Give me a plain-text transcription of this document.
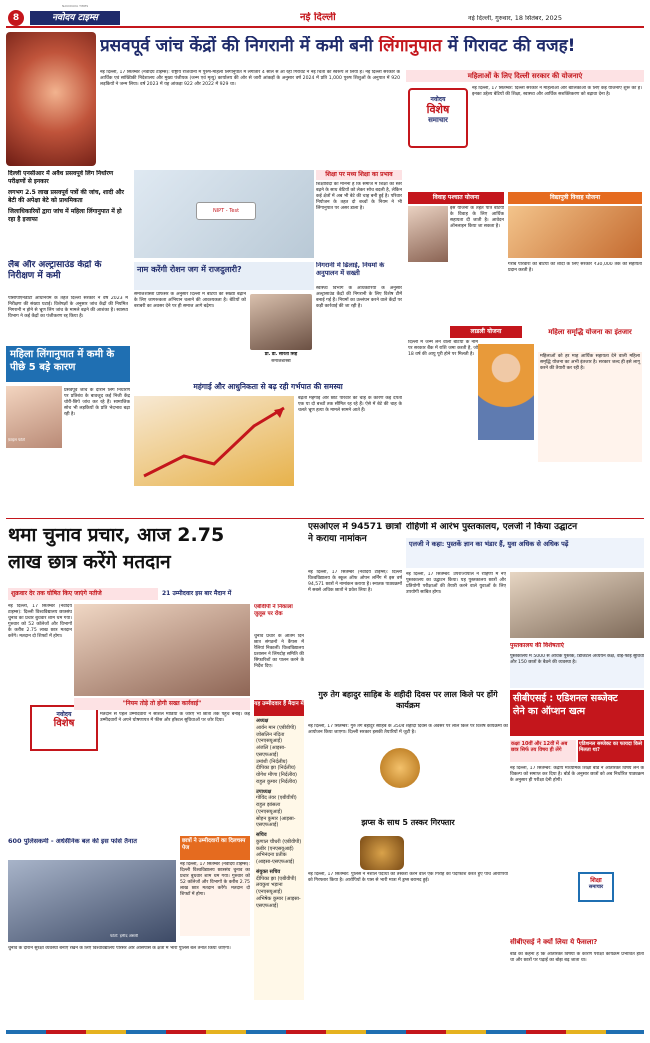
8	नवोदय टाइम्स
NAVODAYA TIMES
नई दिल्ली	नई दिल्ली, गुरुवार, 18 सितंबर, 2025
प्रसवपूर्व जांच केंद्रों की निगरानी में कमी बनी लिंगानुपात में गिरावट की वजह!
नई दिल्ली, 17 सितम्बर (नवोदय टाइम्स): राष्ट्रीय राजधानी में पुरुष-महिला लिंगानुपात में लगातार 4 साल से आ रही गिरावट ने नई चिंता का स्वरूप ले लिया है। नई दिल्ली सरकार के आर्थिक एवं सांख्यिकी निदेशालय और मुख्य पंजीयक (जन्म एवं मृत्यु) कार्यालय की ओर से जारी आंकड़ों के अनुसार वर्ष 2024 में प्रति 1,000 पुरुष शिशुओं के अनुपात में 920 लड़कियों ने जन्म लिया। वर्ष 2023 में यह आंकड़ा 922 और 2022 में 929 था।
दिल्ली एनसीआर में अवैध प्रसवपूर्व लिंग निर्धारण परीक्षणों से इनकार
लगभग 2.5 लाख प्रसवपूर्व पत्रों की जांच, शादी और बेटी की अपेक्षा बेटे को प्राथमिकता
जिलाधिकारियों द्वारा जांच में महिला लिंगानुपात में हो रहा है इजाफा
NIPT - Test
शिक्षा पर मध्य शिक्षा का प्रभाव
शिक्षाविदों का मानना है कि समाज में शिक्षा का स्तर बढ़ने के साथ बेटियों को लेकर सोच बदली है, लेकिन कई क्षेत्रों में अब भी बेटे की चाह बनी हुई है। परिवार नियोजन के तहत दो बच्चों के नियम ने भी लिंगानुपात पर असर डाला है।
लैब और अल्ट्रासाउंड केंद्रों के निरीक्षण में कमी
पीसीपीएनडीटी अधिनियम के तहत दिल्ली सरकार ने वर्ष 2023 में निरीक्षण की संख्या घटाई। विशेषज्ञों के अनुसार जांच केंद्रों की नियमित निगरानी न होने से भ्रूण लिंग जांच के मामले बढ़ने की आशंका है। स्वास्थ्य विभाग ने कई केंद्रों का पंजीकरण रद्द किया है।
महिला लिंगानुपात में कमी के पीछे 5 बड़े कारण
फ़ाइल फोटो
प्रसवपूर्व जांच के दौरान लिंग निर्धारण पर प्रतिबंध के बावजूद कई निजी केंद्र चोरी-छिपे जांच कर रहे हैं। सामाजिक सोच भी लड़कियों के प्रति भेदभाव बढ़ा रही है।
नाम करेंगी रोशन जग में राजदुलारी?
समाजशास्त्री प्रोफेसर के अनुसार दिल्ली में बेटियों की संख्या बढ़ाने के लिए जागरूकता अभियान चलाने की आवश्यकता है। बेटियों को बराबरी का अवसर देने पर ही समाज आगे बढ़ेगा।
प्रो. डॉ. सरिता सिंह
समाजशास्त्री
निगरानी में ढिलाई, नियमों के अनुपालन में सख्ती
स्वास्थ्य विभाग के अधिकारियों के अनुसार अल्ट्रासाउंड केंद्रों की निगरानी के लिए विशेष टीमें बनाई गई हैं। नियमों का उल्लंघन करने वाले केंद्रों पर कड़ी कार्रवाई की जा रही है।
महंगाई और आधुनिकता से बढ़ रही गर्भपात की समस्या
बढ़ती महंगाई और छोटे परिवार की चाह के कारण कई दंपती एक या दो बच्चों तक सीमित रह रहे हैं। ऐसे में बेटे की चाह के चलते भ्रूण हत्या के मामले सामने आते हैं।
महिलाओं के लिए दिल्ली सरकार की योजनाएं
नवोदय
विशेष
समाचार
नई दिल्ली, 17 सितम्बर: दिल्ली सरकार ने महिलाओं और बालिकाओं के लिए कई योजनाएं शुरू की हैं। इनका उद्देश्य बेटियों की शिक्षा, स्वास्थ्य और आर्थिक सशक्तिकरण को बढ़ावा देना है।
विवाह पश्चात योजना
इस योजना के तहत पात्र बेटियों के विवाह के लिए आर्थिक सहायता दी जाती है। आवेदन ऑनलाइन किया जा सकता है।
विद्यापुत्री विवाह योजना
गरीब परिवारों की बेटियों की शादी के लिए सरकार ₹30,000 तक की सहायता प्रदान करती है।
लाडली योजना
दिल्ली में जन्म लेने वाली बेटियों के नाम पर सरकार बैंक में राशि जमा करती है, जो 18 वर्ष की आयु पूरी होने पर मिलती है।
महिला समृद्धि योजना का इंतजार
महिलाओं को हर माह आर्थिक सहायता देने वाली महिला समृद्धि योजना का अभी इंतजार है। सरकार जल्द ही इसे लागू करने की तैयारी कर रही है।
थमा चुनाव प्रचार, आज 2.75
लाख छात्र करेंगे मतदान
शुक्रवार देर तक घोषित किए जाएंगे नतीजे	21 उम्मीदवार इस बार मैदान में
नई दिल्ली, 17 सितम्बर (नवोदय टाइम्स): दिल्ली विश्वविद्यालय छात्रसंघ चुनाव का प्रचार बुधवार शाम थम गया। गुरुवार को 52 कॉलेजों और विभागों के करीब 2.75 लाख छात्र मतदान करेंगे। मतदान दो शिफ्टों में होगा।
नवोदय
विशेष
"नियम तोड़े तो होगी सख्त कार्रवाई"
मतदान से पहले उम्मीदवारों ने सोशल मीडिया के जरिए भी छात्रों तक पहुंच बनाई। कई उम्मीदवारों ने अपने घोषणापत्र में फीस और हॉस्टल सुविधाओं पर जोर दिया।
एबीवीपी ने निकाला जुलूस पर रोक
चुनाव प्रचार के अंतिम दिन छात्र संगठनों ने कैंपस में रैलियां निकालीं। विश्वविद्यालय प्रशासन ने लिंगदोह समिति की सिफारिशों का पालन करने के निर्देश दिए।
यह उम्मीदवार हैं मैदान में
अध्यक्ष
आर्यन मान (एबीवीपी)
जोसलिन नंदिता (एनएसयूआई)
अंजलि (आइसा-एसएफआई)
उमांशी (निर्दलीय)
दीपिका झा (निर्दलीय)
योगेश मीणा (निर्दलीय)
राहुल कुमार (निर्दलीय)
उपाध्यक्ष
गोविंद तंवर (एबीवीपी)
राहुल झांसला (एनएसयूआई)
सोहन कुमार (आइसा-एसएफआई)
सचिव
कुणाल चौधरी (एबीवीपी)
कबीर (एनएसयूआई)
अभिनंदना प्रतीक (आइसा-एसएफआई)
संयुक्त सचिव
दीपिका झा (एबीवीपी)
लवकुश भड़ाना (एनएसयूआई)
अभिषेक कुमार (आइसा-एसएफआई)
छात्रों ने उम्मीदवारों का दिलचस्प पेज
नई दिल्ली, 17 सितम्बर (नवोदय टाइम्स): दिल्ली विश्वविद्यालय छात्रसंघ चुनाव का प्रचार बुधवार शाम थम गया। गुरुवार को 52 कॉलेजों और विभागों के करीब 2.75 लाख छात्र मतदान करेंगे। मतदान दो शिफ्टों में होगा।
600 पुलिसकर्मी - अर्धसैनिक बल की इस फोर्स तैनात
फोटो: हमीद अंसारी
चुनाव के दौरान सुरक्षा व्यवस्था बनाए रखने के लिए विश्वविद्यालय परिसर और आसपास के क्षेत्रों में भारी पुलिस बल तैनात किया जाएगा।
एसओएल में 94571 छात्रों ने कराया नामांकन
नई दिल्ली, 17 सितम्बर (नवोदय टाइम्स): दिल्ली विश्वविद्यालय के स्कूल ऑफ ओपन लर्निंग में इस वर्ष 94,571 छात्रों ने नामांकन कराया है। स्नातक पाठ्यक्रमों में सबसे अधिक छात्रों ने प्रवेश लिया है।
रोहिणी में आरंभ पुस्तकालय, एलजी ने किया उद्घाटन
एलजी ने कहा: पुस्तकें ज्ञान का भंडार हैं, युवा अधिक से अधिक पढ़ें
नई दिल्ली, 17 सितम्बर: उपराज्यपाल ने रोहिणी में नए पुस्तकालय का उद्घाटन किया। यह पुस्तकालय छात्रों और प्रतियोगी परीक्षाओं की तैयारी करने वाले युवाओं के लिए उपयोगी साबित होगा।
पुस्तकालय की विशेषताएं
पुस्तकालय में 5000 से अधिक पुस्तकें, डिजिटल अध्ययन कक्ष, वाई-फाई सुविधा और 150 छात्रों के बैठने की व्यवस्था है।
गुरु तेग बहादुर साहिब के शहीदी दिवस पर लाल किले पर होंगे कार्यक्रम
नई दिल्ली, 17 सितम्बर: गुरु तेग बहादुर साहिब के 350वें शहीदी दिवस के अवसर पर लाल किले पर विशेष कार्यक्रमों का आयोजन किया जाएगा। दिल्ली सरकार इसकी तैयारियों में जुटी है।
झप्स के साथ 5 तस्कर गिरफ्तार
नई दिल्ली, 17 सितम्बर: पुलिस ने नशीले पदार्थों की तस्करी करने वाले एक गिरोह का पर्दाफाश करते हुए पांच आरोपियों को गिरफ्तार किया है। आरोपियों के पास से भारी मात्रा में ड्रग्स बरामद हुई।
सीबीएसई : एडिशनल सब्जेक्ट
लेने का ऑप्शन खत्म
कक्षा 10वीं और 12वीं में अब छात्र सिर्फ तय विषय ही लेंगे
एडिशनल सब्जेक्ट का फायदा किसे मिलता था?
नई दिल्ली, 17 सितम्बर: केंद्रीय माध्यमिक शिक्षा बोर्ड ने अतिरिक्त विषय लेने के विकल्प को समाप्त कर दिया है। बोर्ड के अनुसार छात्रों को अब निर्धारित पाठ्यक्रम के अनुसार ही परीक्षा देनी होगी।
शिक्षा
समाचार
सीबीएसई ने क्यों लिया ये फैसला?
बोर्ड का कहना है कि अतिरिक्त विषयों के कारण परीक्षा कार्यक्रम प्रभावित होता था और छात्रों पर पढ़ाई का बोझ बढ़ जाता था।
